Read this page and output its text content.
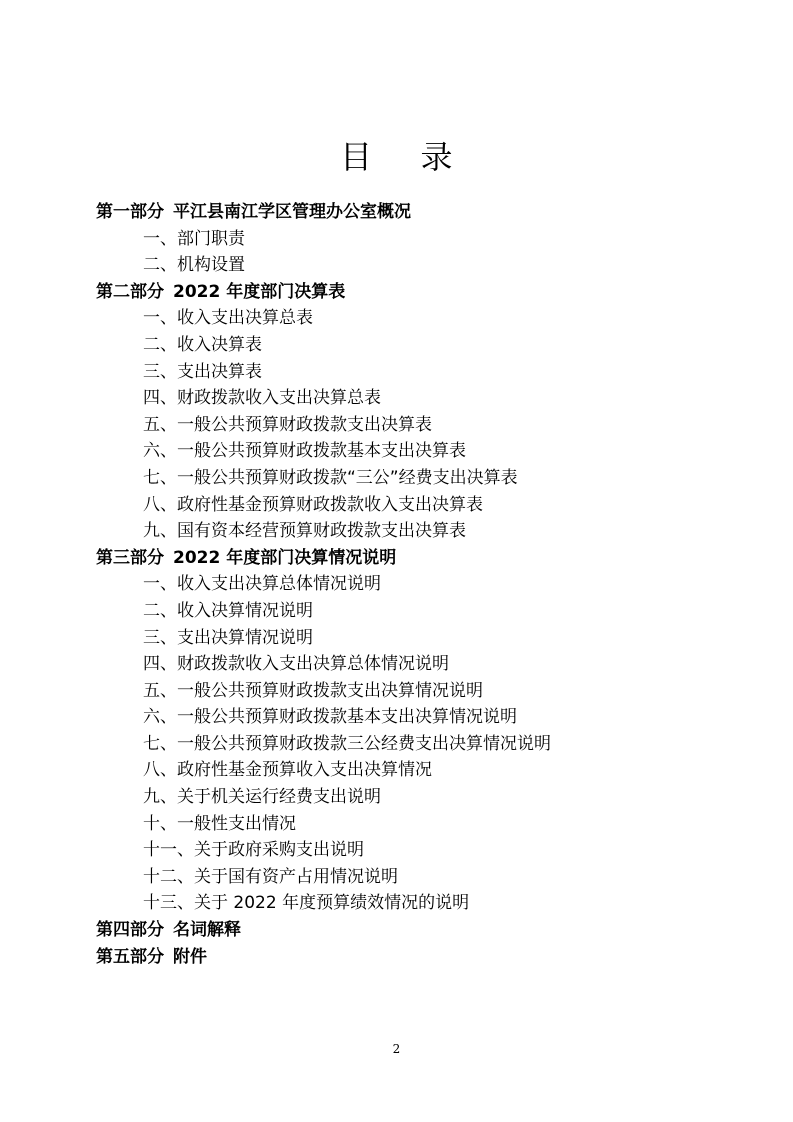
目 录
第一部分 平江县南江学区管理办公室概况
一、部门职责
二、机构设置
第二部分 2022 年度部门决算表
一、收入支出决算总表
二、收入决算表
三、支出决算表
四、财政拨款收入支出决算总表
五、一般公共预算财政拨款支出决算表
六、一般公共预算财政拨款基本支出决算表
七、一般公共预算财政拨款“三公”经费支出决算表
八、政府性基金预算财政拨款收入支出决算表
九、国有资本经营预算财政拨款支出决算表
第三部分 2022 年度部门决算情况说明
一、收入支出决算总体情况说明
二、收入决算情况说明
三、支出决算情况说明
四、财政拨款收入支出决算总体情况说明
五、一般公共预算财政拨款支出决算情况说明
六、一般公共预算财政拨款基本支出决算情况说明
七、一般公共预算财政拨款三公经费支出决算情况说明
八、政府性基金预算收入支出决算情况
九、关于机关运行经费支出说明
十、一般性支出情况
十一、关于政府采购支出说明
十二、关于国有资产占用情况说明
十三、关于 2022 年度预算绩效情况的说明
第四部分 名词解释
第五部分 附件
2
